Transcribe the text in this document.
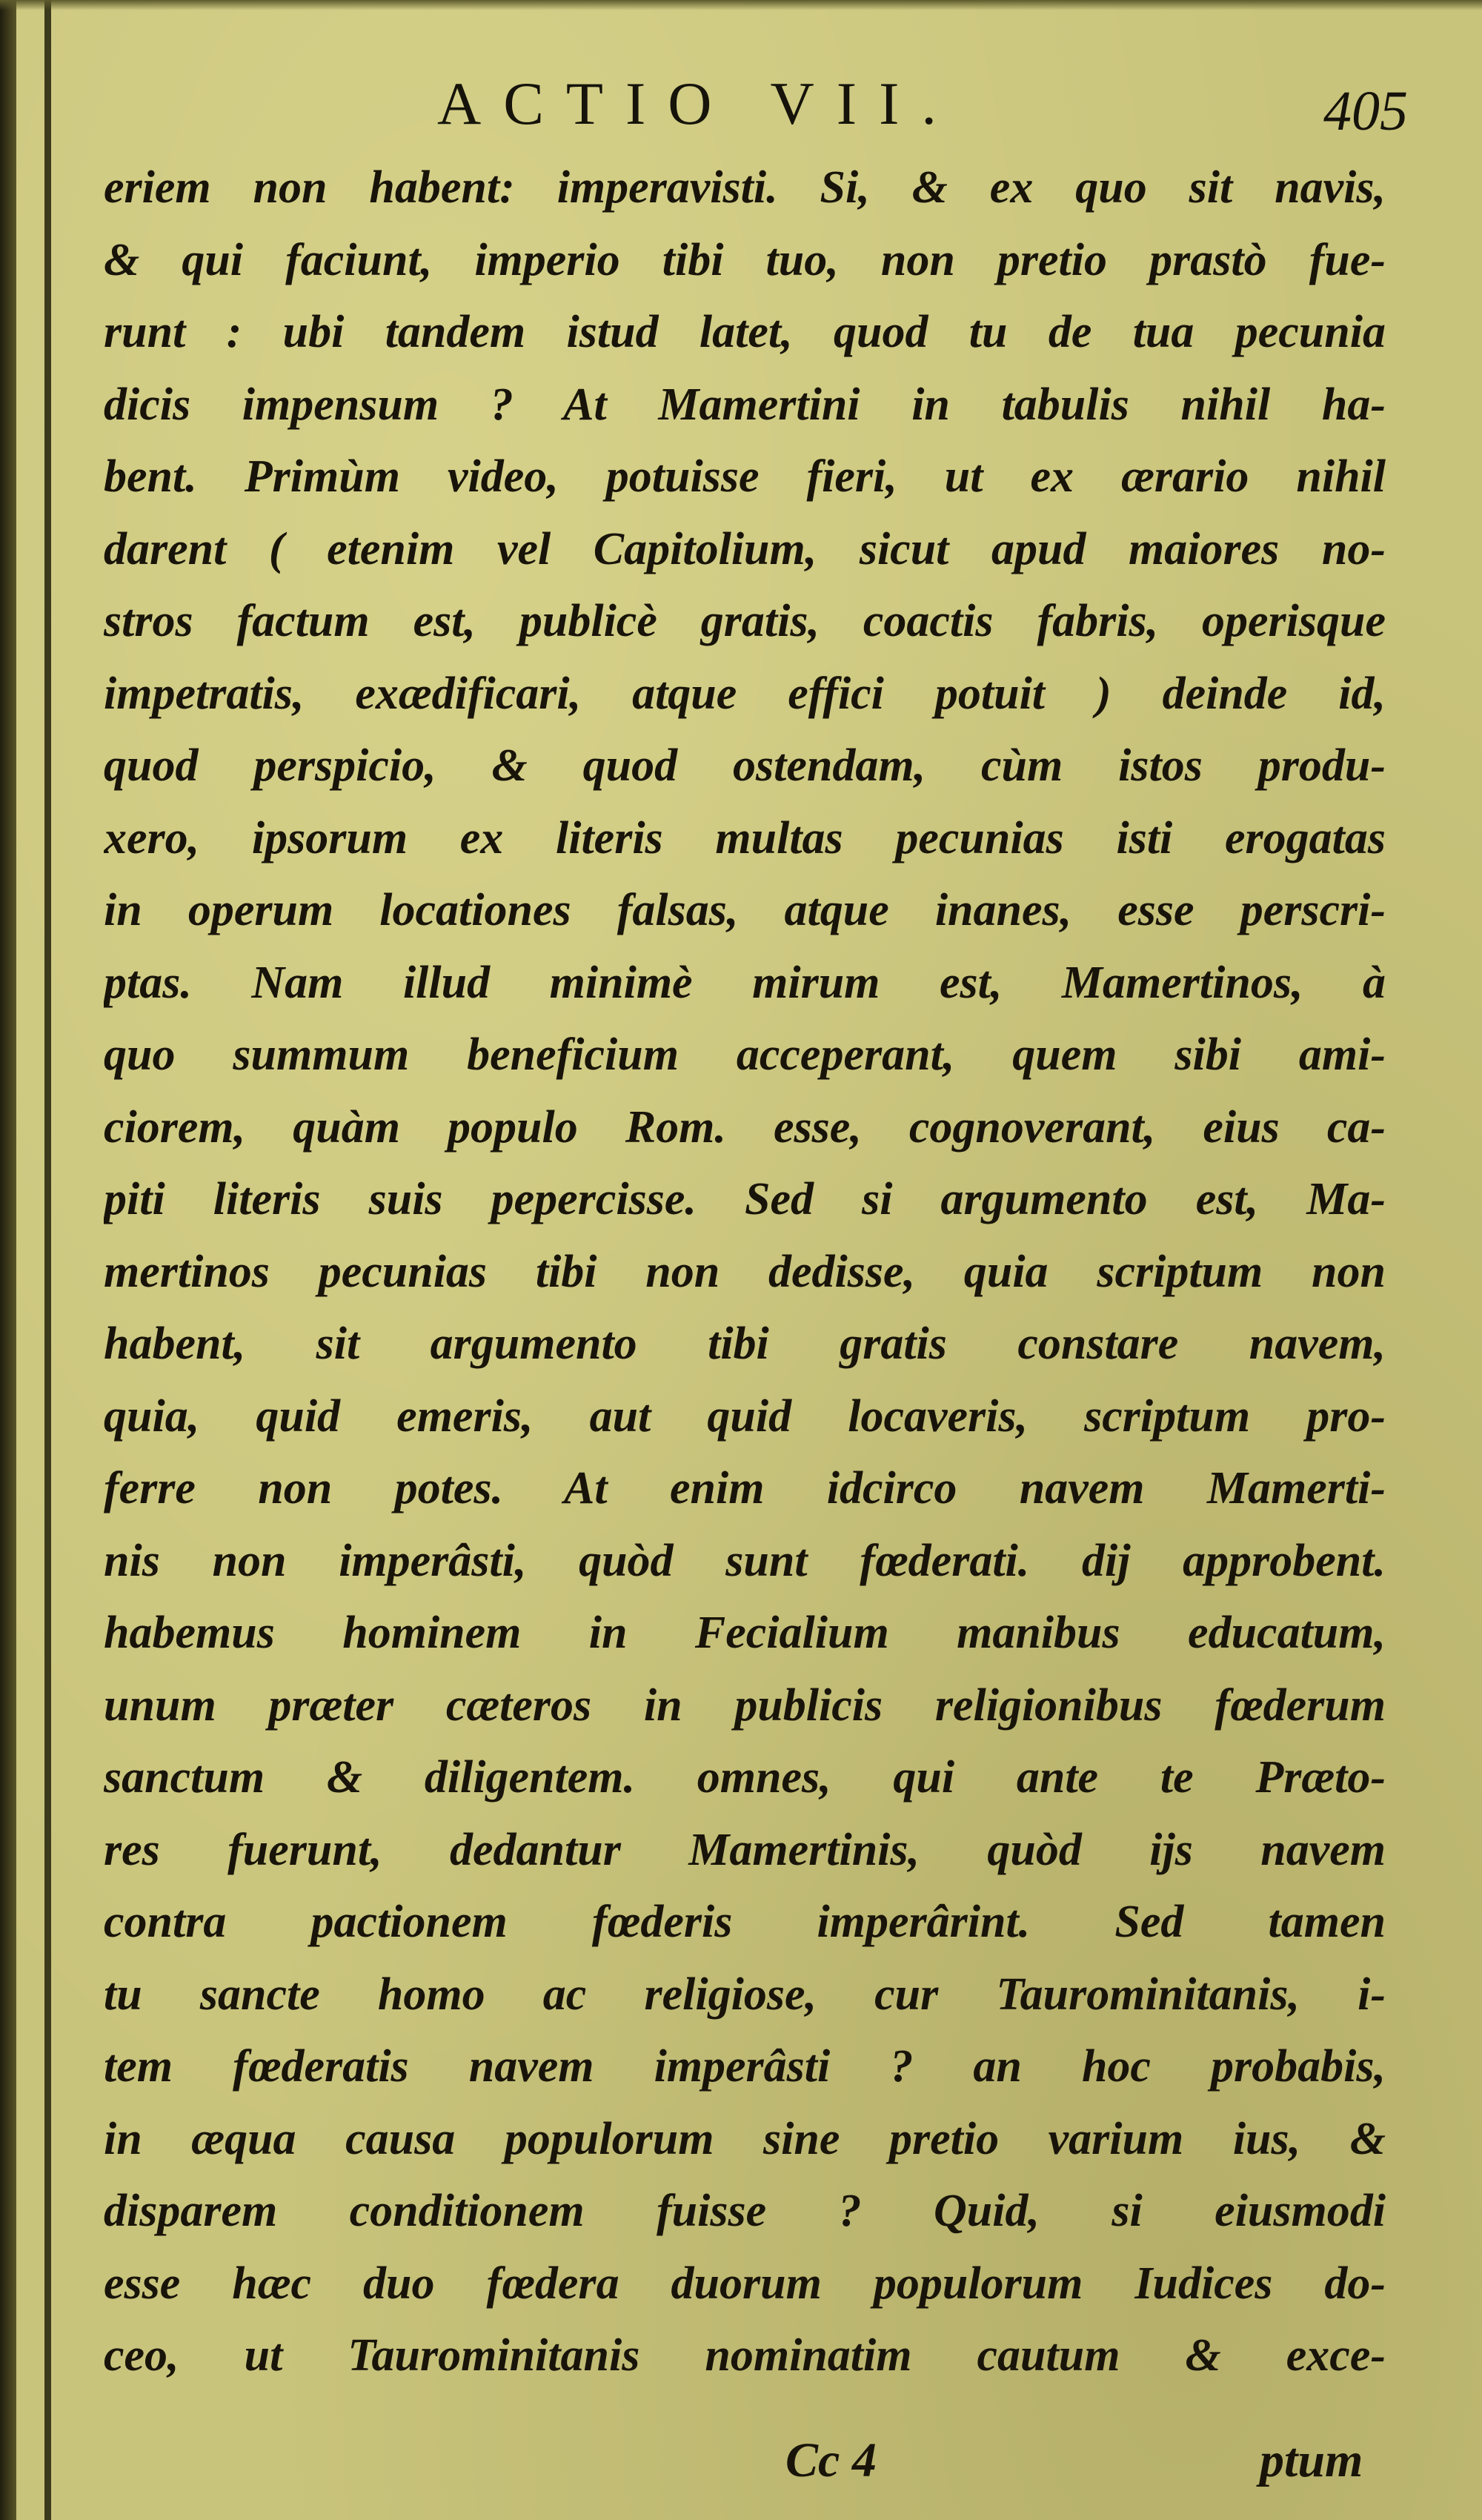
ACTIO VII.	405
eriem non habent: imperavisti. Si, & ex quo sit navis,
& qui faciunt, imperio tibi tuo, non pretio prastò fue-
runt : ubi tandem istud latet, quod tu de tua pecunia
dicis impensum ? At Mamertini in tabulis nihil ha-
bent. Primùm video, potuisse fieri, ut ex ærario nihil
darent ( etenim vel Capitolium, sicut apud maiores no-
stros factum est, publicè gratis, coactis fabris, operisque
impetratis, exædificari, atque effici potuit ) deinde id,
quod perspicio, & quod ostendam, cùm istos produ-
xero, ipsorum ex literis multas pecunias isti erogatas
in operum locationes falsas, atque inanes, esse perscri-
ptas. Nam illud minimè mirum est, Mamertinos, à
quo summum beneficium acceperant, quem sibi ami-
ciorem, quàm populo Rom. esse, cognoverant, eius ca-
piti literis suis pepercisse. Sed si argumento est, Ma-
mertinos pecunias tibi non dedisse, quia scriptum non
habent, sit argumento tibi gratis constare navem,
quia, quid emeris, aut quid locaveris, scriptum pro-
ferre non potes. At enim idcirco navem Mamerti-
nis non imperâsti, quòd sunt fœderati. dij approbent.
habemus hominem in Fecialium manibus educatum,
unum præter cæteros in publicis religionibus fœderum
sanctum & diligentem. omnes, qui ante te Præto-
res fuerunt, dedantur Mamertinis, quòd ijs navem
contra pactionem fœderis imperârint. Sed tamen
tu sancte homo ac religiose, cur Taurominitanis, i-
tem fœderatis navem imperâsti ? an hoc probabis,
in æqua causa populorum sine pretio varium ius, &
disparem conditionem fuisse ? Quid, si eiusmodi
esse hæc duo fœdera duorum populorum Iudices do-
ceo, ut Taurominitanis nominatim cautum & exce-
Cc 4	ptum
